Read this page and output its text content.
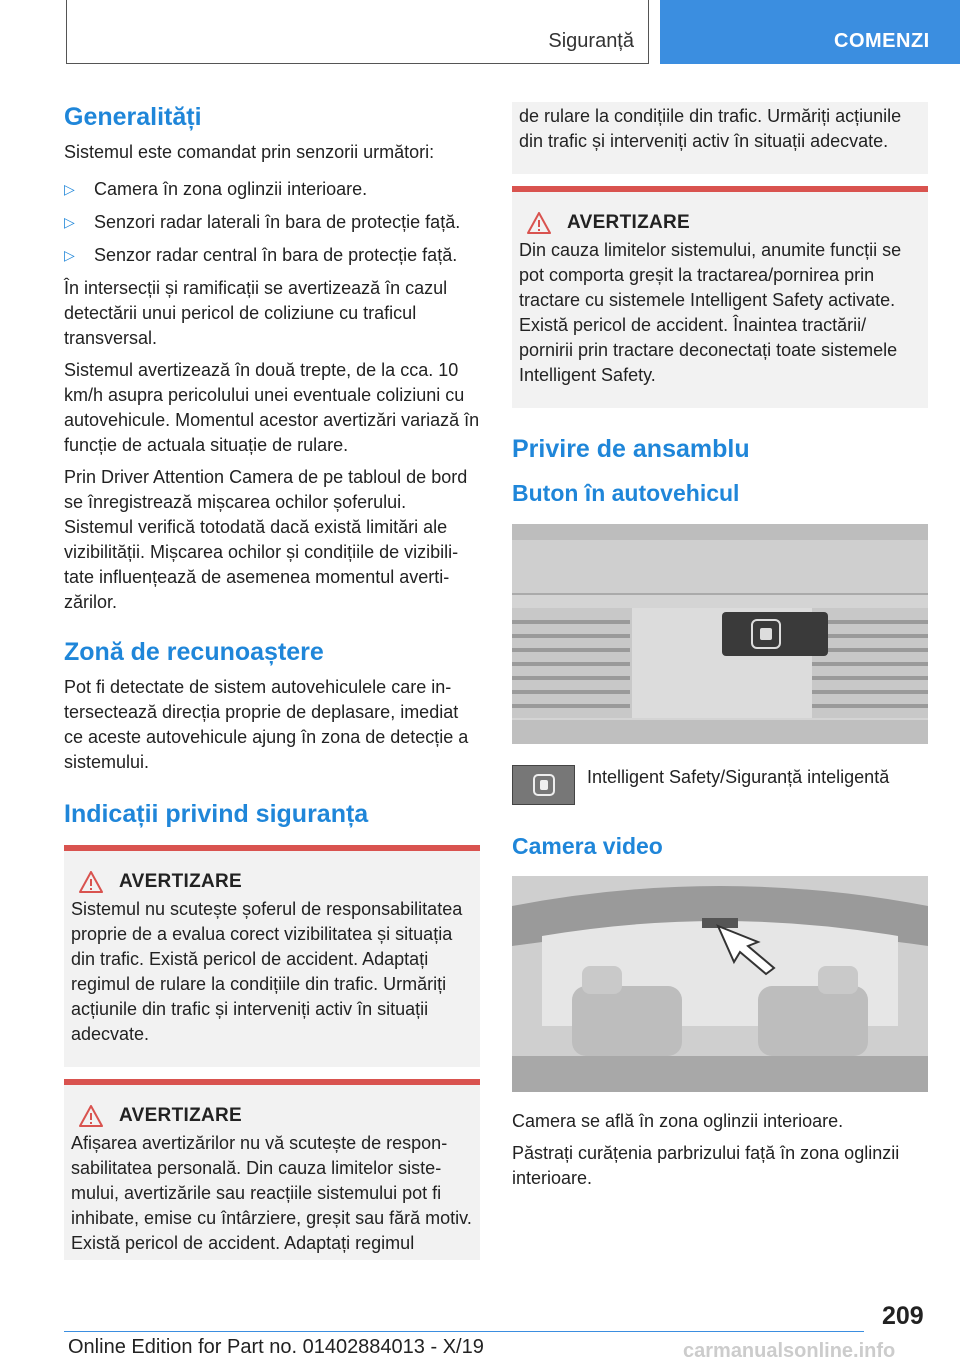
Siguranță	COMENZI
Generalități

Sistemul este comandat prin senzorii următori:

▷ Camera în zona oglinzii interioare.
▷ Senzori radar laterali în bara de protecție față.
▷ Senzor radar central în bara de protecție față.

În intersecții și ramificații se avertizează în cazul detectării unui pericol de coliziune cu traficul transversal.

Sistemul avertizează în două trepte, de la cca. 10 km/h asupra pericolului unei eventuale coliziuni cu autovehicule. Momentul acestor avertizări variază în funcție de actuala situație de rulare.

Prin Driver Attention Camera de pe tabloul de bord se înregistrează mișcarea ochilor șoferului. Sistemul verifică totodată dacă există limitări ale vizibilității. Mișcarea ochilor și condițiile de vizibilitate influențează de asemenea momentul avertizărilor.

Zonă de recunoaștere

Pot fi detectate de sistem autovehiculele care intersectează direcția proprie de deplasare, imediat ce aceste autovehicule ajung în zona de detecție a sistemului.

Indicații privind siguranța
AVERTIZARE

Sistemul nu scutește șoferul de responsabilitatea proprie de a evalua corect vizibilitatea și situația din trafic. Există pericol de accident. Adaptați regimul de rulare la condițiile din trafic. Urmăriți acțiunile din trafic și interveniți activ în situații adecvate.

AVERTIZARE

Afișarea avertizărilor nu vă scutește de responsabilitatea personală. Din cauza limitelor sistemului, avertizările sau reacțiile sistemului pot fi inhibate, emise cu întârziere, greșit sau fără motiv. Există pericol de accident. Adaptați regimul

de rulare la condițiile din trafic. Urmăriți acțiunile din trafic și interveniți activ în situații adecvate.

AVERTIZARE

Din cauza limitelor sistemului, anumite funcții se pot comporta greșit la tractarea/pornirea prin tractare cu sistemele Intelligent Safety activate. Există pericol de accident. Înaintea tractării/ pornirii prin tractare deconectați toate sistemele Intelligent Safety.

Privire de ansamblu
Buton în autovehicul

Intelligent Safety/Siguranță inteligentă

Camera video

Camera se află în zona oglinzii interioare.

Păstrați curățenia parbrizului față în zona oglinzii interioare.

209
Online Edition for Part no. 01402884013 - X/19	carmanualsonline.info
